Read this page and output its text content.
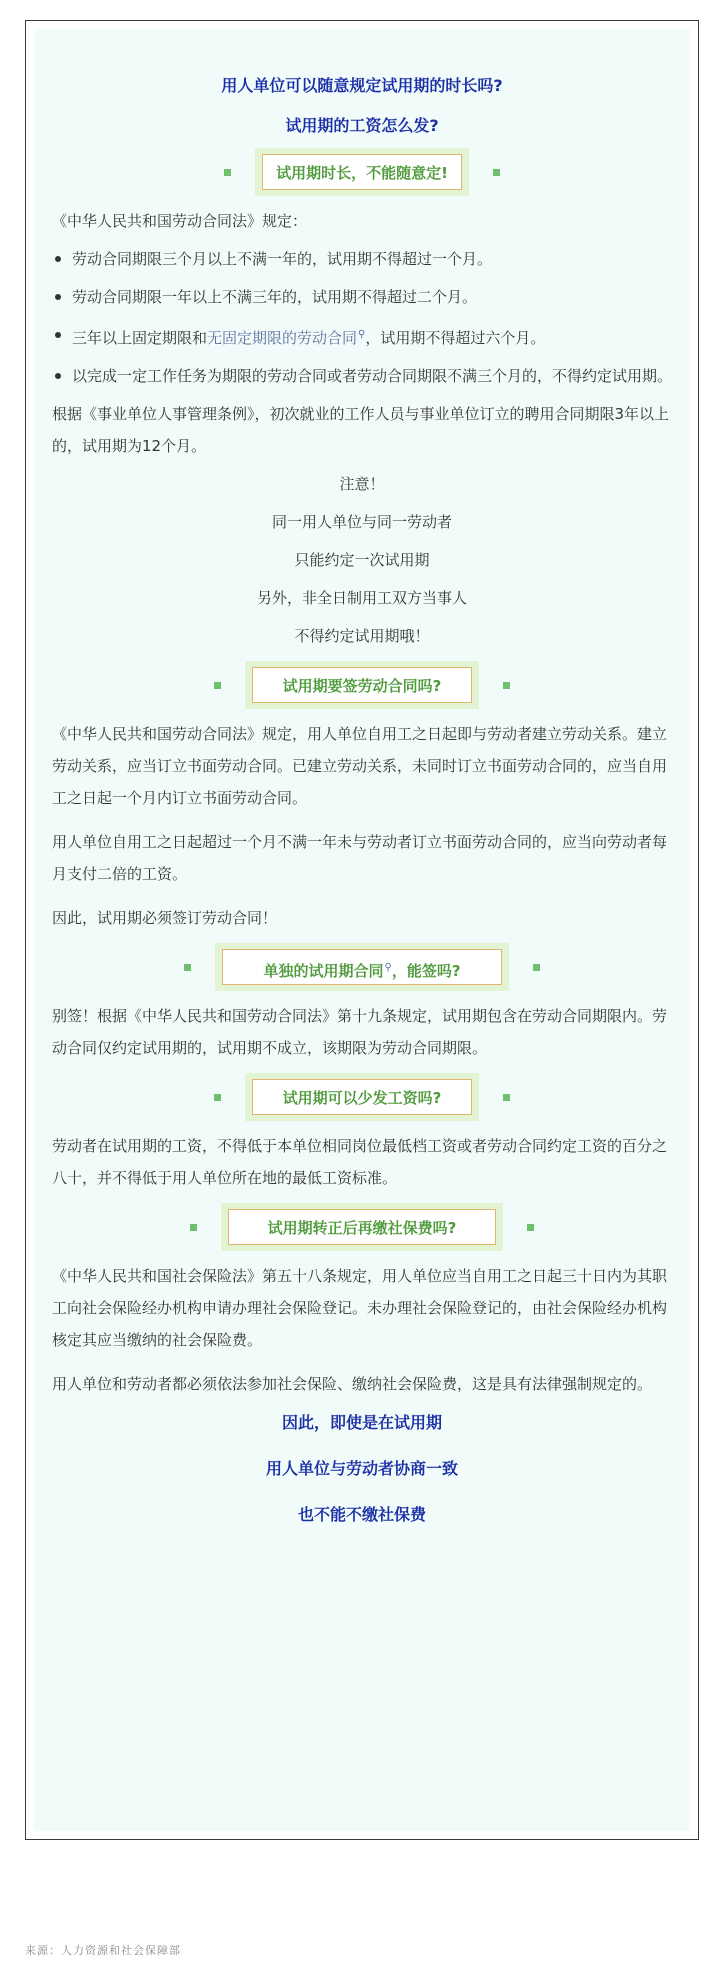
用人单位可以随意规定试用期的时长吗?

试用期的工资怎么发?

试用期时长，不能随意定!

《中华人民共和国劳动合同法》规定：

劳动合同期限三个月以上不满一年的，试用期不得超过一个月。
劳动合同期限一年以上不满三年的，试用期不得超过二个月。
三年以上固定期限和无固定期限的劳动合同⚲，试用期不得超过六个月。
以完成一定工作任务为期限的劳动合同或者劳动合同期限不满三个月的，不得约定试用期。

根据《事业单位人事管理条例》，初次就业的工作人员与事业单位订立的聘用合同期限3年以上的，试用期为12个月。

注意！

同一用人单位与同一劳动者

只能约定一次试用期

另外，非全日制用工双方当事人

不得约定试用期哦！

试用期要签劳动合同吗?

《中华人民共和国劳动合同法》规定，用人单位自用工之日起即与劳动者建立劳动关系。建立劳动关系，应当订立书面劳动合同。已建立劳动关系，未同时订立书面劳动合同的，应当自用工之日起一个月内订立书面劳动合同。

用人单位自用工之日起超过一个月不满一年未与劳动者订立书面劳动合同的，应当向劳动者每月支付二倍的工资。

因此，试用期必须签订劳动合同！

单独的试用期合同⚲，能签吗?

别签！根据《中华人民共和国劳动合同法》第十九条规定，试用期包含在劳动合同期限内。劳动合同仅约定试用期的，试用期不成立，该期限为劳动合同期限。

试用期可以少发工资吗?

劳动者在试用期的工资，不得低于本单位相同岗位最低档工资或者劳动合同约定工资的百分之八十，并不得低于用人单位所在地的最低工资标准。

试用期转正后再缴社保费吗?

《中华人民共和国社会保险法》第五十八条规定，用人单位应当自用工之日起三十日内为其职工向社会保险经办机构申请办理社会保险登记。未办理社会保险登记的，由社会保险经办机构核定其应当缴纳的社会保险费。

用人单位和劳动者都必须依法参加社会保险、缴纳社会保险费，这是具有法律强制规定的。

因此，即使是在试用期

用人单位与劳动者协商一致

也不能不缴社保费

来源：人力资源和社会保障部
